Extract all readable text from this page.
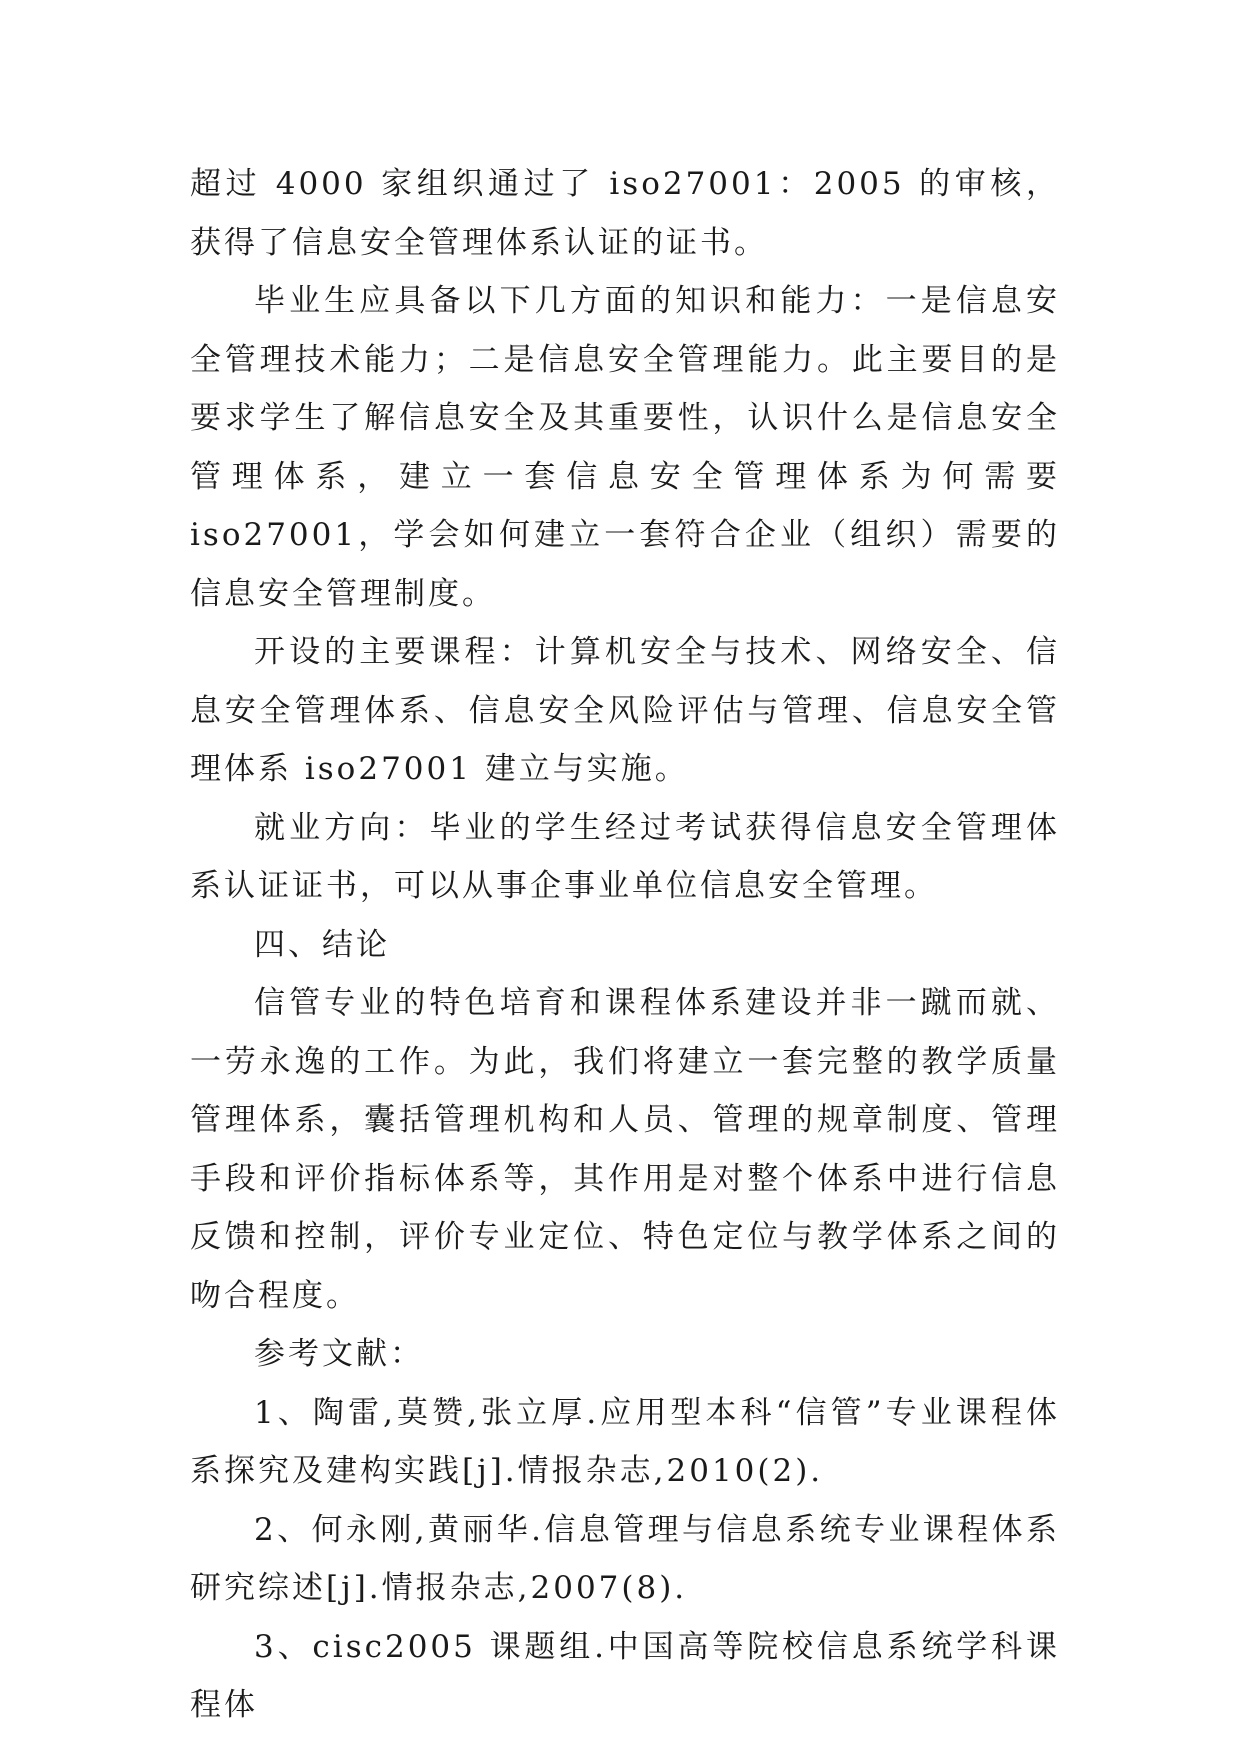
超过 4000 家组织通过了 iso27001：2005 的审核，获得了信息安全管理体系认证的证书。

毕业生应具备以下几方面的知识和能力：一是信息安全管理技术能力；二是信息安全管理能力。此主要目的是要求学生了解信息安全及其重要性，认识什么是信息安全管理体系，建立一套信息安全管理体系为何需要 iso27001，学会如何建立一套符合企业（组织）需要的信息安全管理制度。

开设的主要课程：计算机安全与技术、网络安全、信息安全管理体系、信息安全风险评估与管理、信息安全管理体系 iso27001 建立与实施。

就业方向：毕业的学生经过考试获得信息安全管理体系认证证书，可以从事企事业单位信息安全管理。

四、结论

信管专业的特色培育和课程体系建设并非一蹴而就、一劳永逸的工作。为此，我们将建立一套完整的教学质量管理体系，囊括管理机构和人员、管理的规章制度、管理手段和评价指标体系等，其作用是对整个体系中进行信息反馈和控制，评价专业定位、特色定位与教学体系之间的吻合程度。

参考文献：

1、陶雷,莫赞,张立厚.应用型本科“信管”专业课程体系探究及建构实践[j].情报杂志,2010(2).

2、何永刚,黄丽华.信息管理与信息系统专业课程体系研究综述[j].情报杂志,2007(8).

3、cisc2005 课题组.中国高等院校信息系统学科课程体
